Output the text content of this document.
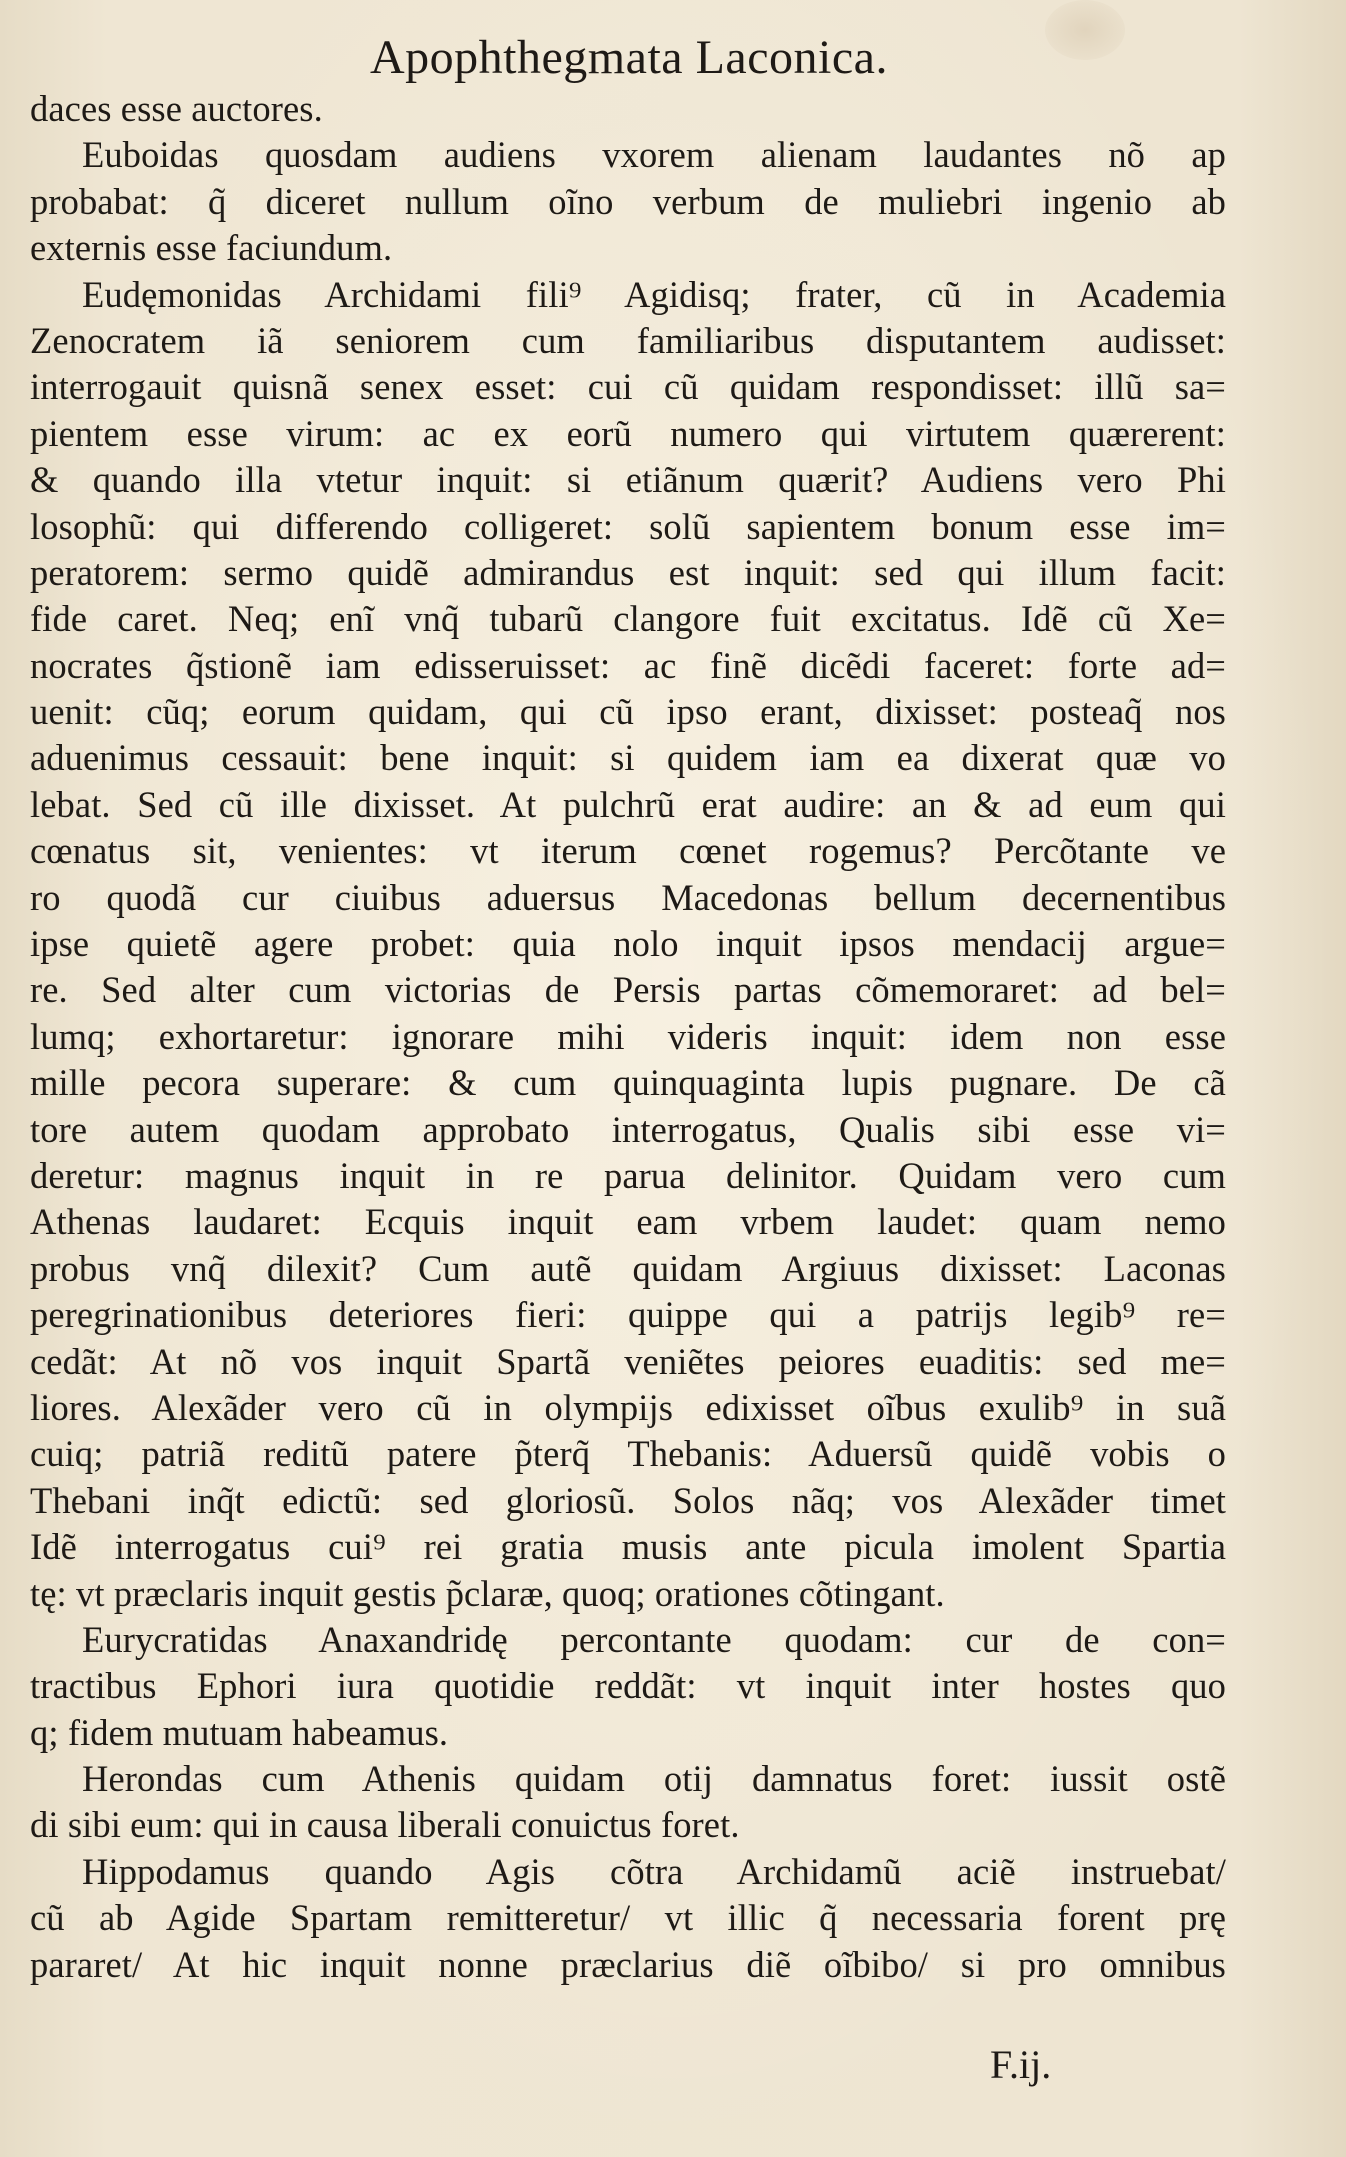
Apophthegmata Laconica.
daces esse auctores.
Euboidas quosdam audiens vxorem alienam laudantes nõ ap
probabat: q̃ diceret nullum oĩno verbum de muliebri ingenio ab
externis esse faciundum.
Eudęmonidas Archidami fili⁹ Agidisq; frater, cũ in Academia
Zenocratem iã seniorem cum familiaribus disputantem audisset:
interrogauit quisnã senex esset: cui cũ quidam respondisset: illũ sa=
pientem esse virum: ac ex eorũ numero qui virtutem quærerent:
& quando illa vtetur inquit: si etiãnum quærit? Audiens vero Phi
losophũ: qui differendo colligeret: solũ sapientem bonum esse im=
peratorem: sermo quidẽ admirandus est inquit: sed qui illum facit:
fide caret. Neq; enĩ vnq̃ tubarũ clangore fuit excitatus. Idẽ cũ Xe=
nocrates q̃stionẽ iam edisseruisset: ac finẽ dicẽdi faceret: forte ad=
uenit: cũq; eorum quidam, qui cũ ipso erant, dixisset: posteaq̃ nos
aduenimus cessauit: bene inquit: si quidem iam ea dixerat quæ vo
lebat. Sed cũ ille dixisset. At pulchrũ erat audire: an & ad eum qui
cœnatus sit, venientes: vt iterum cœnet rogemus? Percõtante ve
ro quodã cur ciuibus aduersus Macedonas bellum decernentibus
ipse quietẽ agere probet: quia nolo inquit ipsos mendacij argue=
re. Sed alter cum victorias de Persis partas cõmemoraret: ad bel=
lumq; exhortaretur: ignorare mihi videris inquit: idem non esse
mille pecora superare: & cum quinquaginta lupis pugnare. De cã
tore autem quodam approbato interrogatus, Qualis sibi esse vi=
deretur: magnus inquit in re parua delinitor. Quidam vero cum
Athenas laudaret: Ecquis inquit eam vrbem laudet: quam nemo
probus vnq̃ dilexit? Cum autẽ quidam Argiuus dixisset: Laconas
peregrinationibus deteriores fieri: quippe qui a patrijs legib⁹ re=
cedãt: At nõ vos inquit Spartã veniẽtes peiores euaditis: sed me=
liores. Alexãder vero cũ in olympijs edixisset oĩbus exulib⁹ in suã
cuiq; patriã reditũ patere p̃terq̃ Thebanis: Aduersũ quidẽ vobis o
Thebani inq̃t edictũ: sed gloriosũ. Solos nãq; vos Alexãder timet
Idẽ interrogatus cui⁹ rei gratia musis ante picula imolent Spartia
tę: vt præclaris inquit gestis p̃claræ, quoq; orationes cõtingant.
Eurycratidas Anaxandridę percontante quodam: cur de con=
tractibus Ephori iura quotidie reddãt: vt inquit inter hostes quo
q; fidem mutuam habeamus.
Herondas cum Athenis quidam otij damnatus foret: iussit ostẽ
di sibi eum: qui in causa liberali conuictus foret.
Hippodamus quando Agis cõtra Archidamũ aciẽ instruebat/
cũ ab Agide Spartam remitteretur/ vt illic q̃ necessaria forent prę
pararet/ At hic inquit nonne præclarius diẽ oĩbibo/ si pro omnibus
F.ij.
